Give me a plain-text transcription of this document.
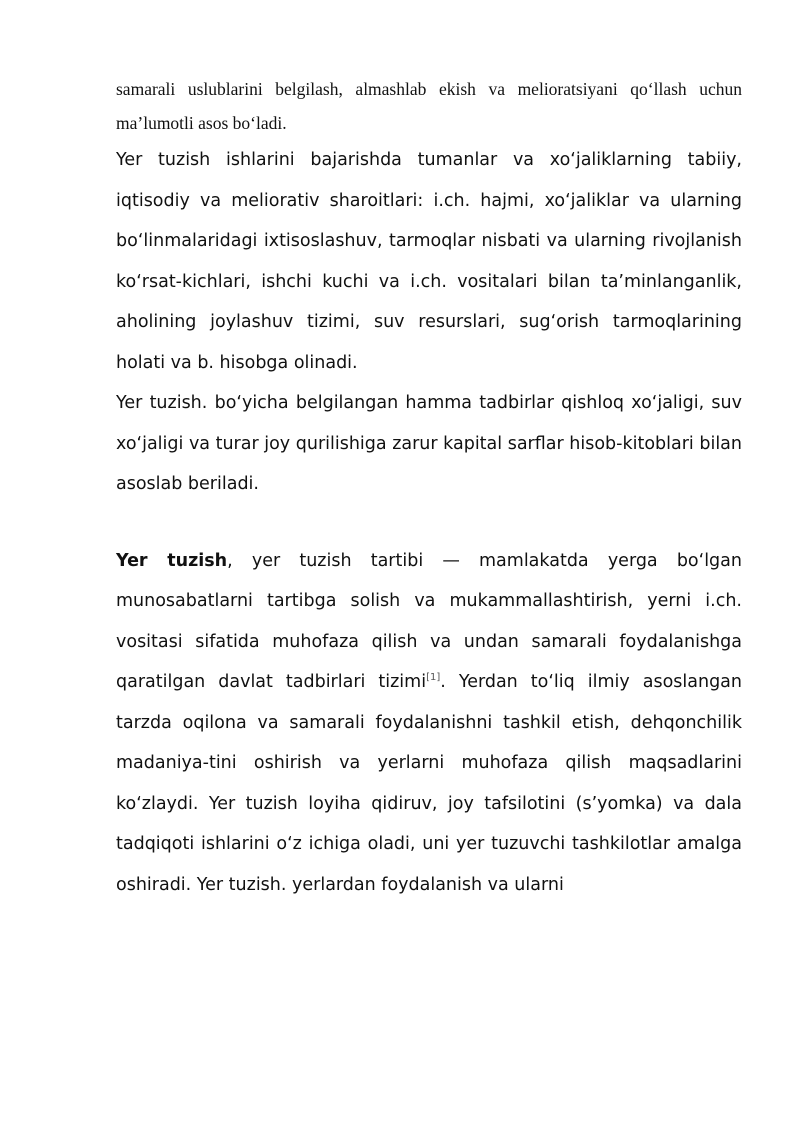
samarali uslublarini belgilash, almashlab ekish va melioratsiyani qo‘llash uchun ma’lumotli asos bo‘ladi.

Yer tuzish ishlarini bajarishda tumanlar va xo‘jaliklarning tabiiy, iqtisodiy va meliorativ sharoitlari: i.ch. hajmi, xo‘jaliklar va ularning bo‘linmalaridagi ixtisoslashuv, tarmoqlar nisbati va ularning rivojlanish ko‘rsat-kichlari, ishchi kuchi va i.ch. vositalari bilan ta’minlanganlik, aholining joylashuv tizimi, suv resurslari, sug‘orish tarmoqlarining holati va b. hisobga olinadi.

Yer tuzish. bo‘yicha belgilangan hamma tadbirlar qishloq xo‘jaligi, suv xo‘jaligi va turar joy qurilishiga zarur kapital sarflar hisob-kitoblari bilan asoslab beriladi.

Yer tuzish, yer tuzish tartibi — mamlakatda yerga bo‘lgan munosabatlarni tartibga solish va mukammallashtirish, yerni i.ch. vositasi sifatida muhofaza qilish va undan samarali foydalanishga qaratilgan davlat tadbirlari tizimi[1]. Yerdan to‘liq ilmiy asoslangan tarzda oqilona va samarali foydalanishni tashkil etish, dehqonchilik madaniya-tini oshirish va yerlarni muhofaza qilish maqsadlarini ko‘zlaydi. Yer tuzish loyiha qidiruv, joy tafsilotini (s’yomka) va dala tadqiqoti ishlarini o‘z ichiga oladi, uni yer tuzuvchi tashkilotlar amalga oshiradi. Yer tuzish. yerlardan foydalanish va ularni
